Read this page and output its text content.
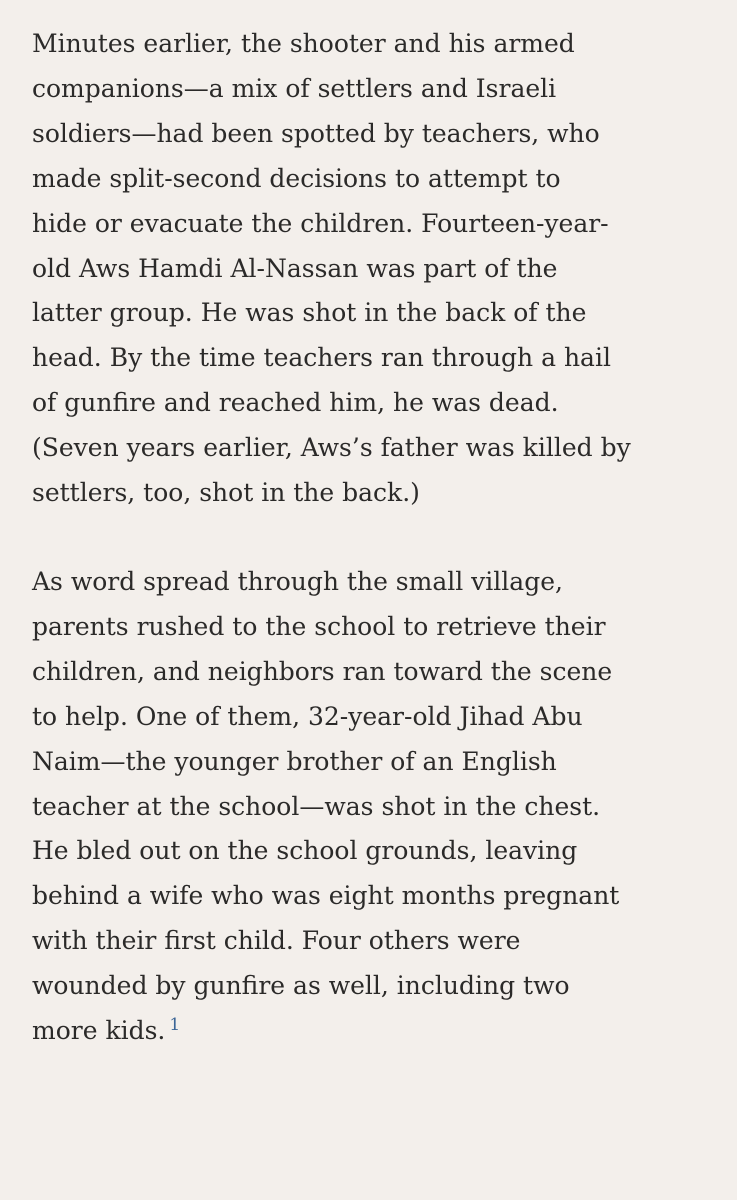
Minutes earlier, the shooter and his armed
companions—a mix of settlers and Israeli
soldiers—had been spotted by teachers, who
made split-second decisions to attempt to
hide or evacuate the children. Fourteen-year-
old Aws Hamdi Al-Nassan was part of the
latter group. He was shot in the back of the
head. By the time teachers ran through a hail
of gunfire and reached him, he was dead.
(Seven years earlier, Aws’s father was killed by
settlers, too, shot in the back.)

As word spread through the small village,
parents rushed to the school to retrieve their
children, and neighbors ran toward the scene
to help. One of them, 32-year-old Jihad Abu
Naim—the younger brother of an English
teacher at the school—was shot in the chest.
He bled out on the school grounds, leaving
behind a wife who was eight months pregnant
with their first child. Four others were
wounded by gunfire as well, including two
more kids. $^1$
